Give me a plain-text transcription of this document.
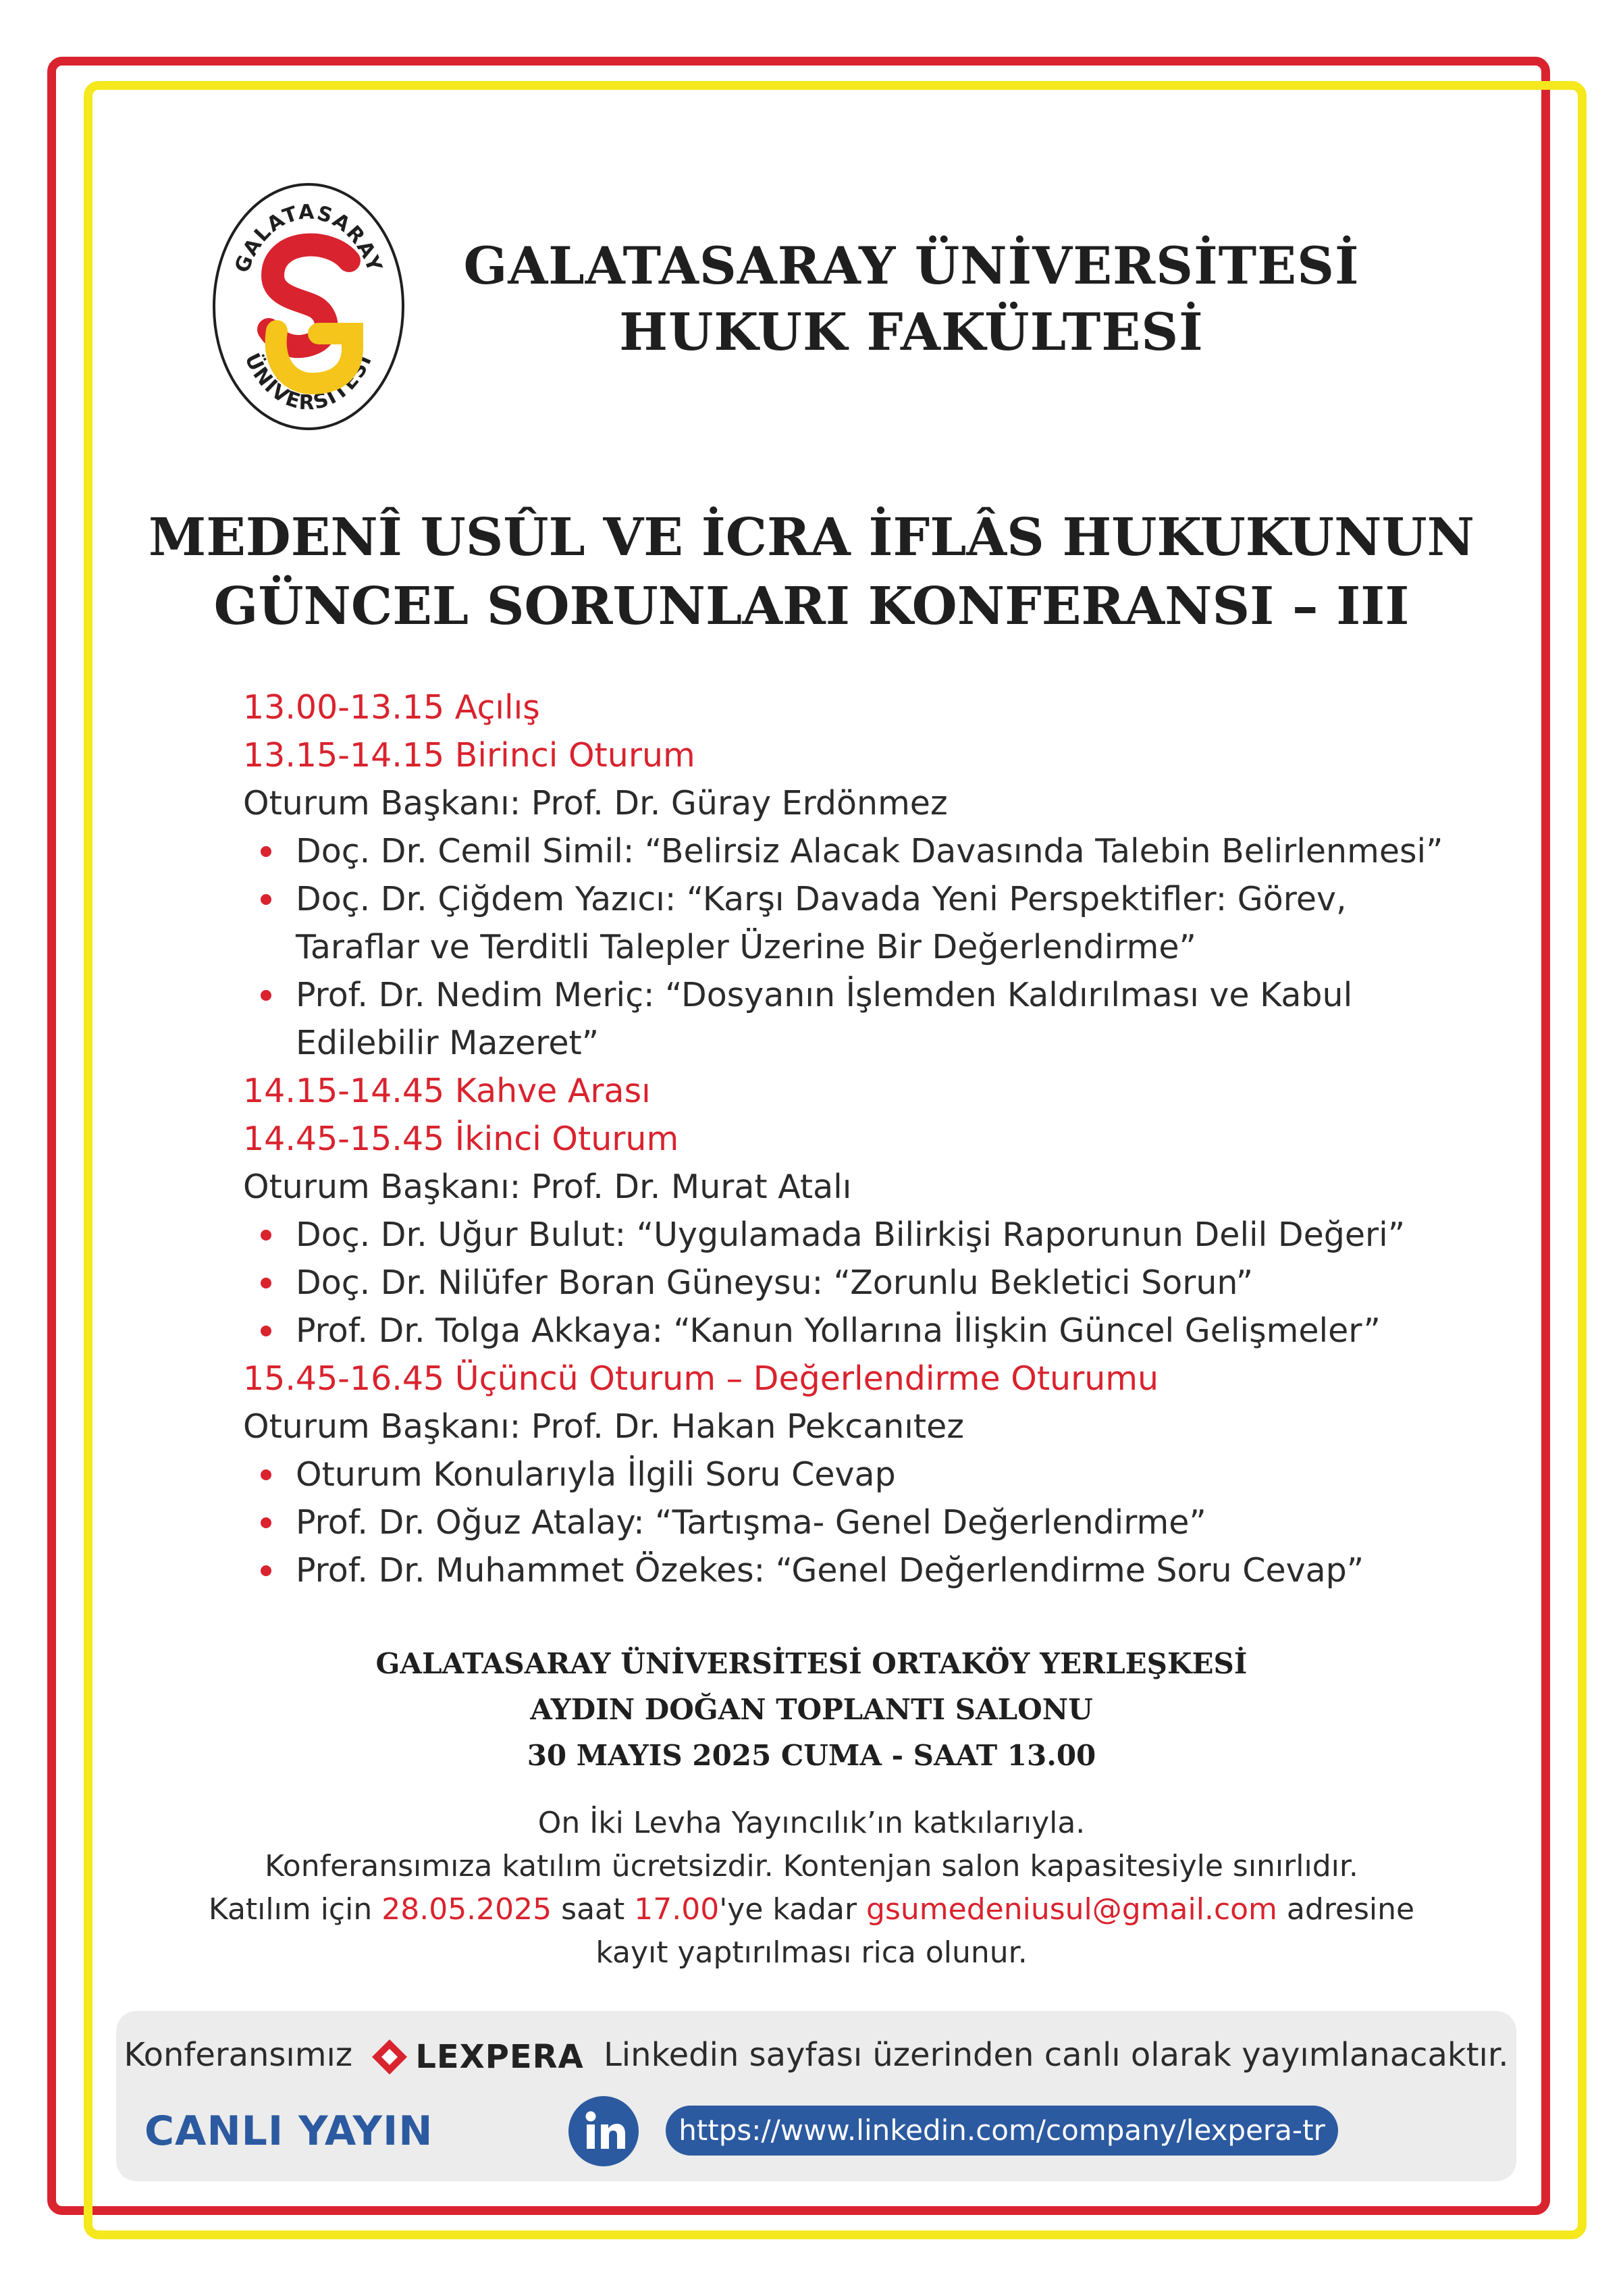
GALATASARAY
ÜNİVERSİTESİ
GALATASARAY ÜNİVERSİTESİ
HUKUK FAKÜLTESİ
MEDENÎ USÛL VE İCRA İFLÂS HUKUKUNUN
GÜNCEL SORUNLARI KONFERANSI – III
13.00-13.15 Açılış
13.15-14.15 Birinci Oturum
Oturum Başkanı: Prof. Dr. Güray Erdönmez
Doç. Dr. Cemil Simil: “Belirsiz Alacak Davasında Talebin Belirlenmesi”
Doç. Dr. Çiğdem Yazıcı: “Karşı Davada Yeni Perspektifler: Görev, Taraflar ve Terditli Talepler Üzerine Bir Değerlendirme”
Prof. Dr. Nedim Meriç: “Dosyanın İşlemden Kaldırılması ve Kabul Edilebilir Mazeret”
14.15-14.45 Kahve Arası
14.45-15.45 İkinci Oturum
Oturum Başkanı: Prof. Dr. Murat Atalı
Doç. Dr. Uğur Bulut: “Uygulamada Bilirkişi Raporunun Delil Değeri”
Doç. Dr. Nilüfer Boran Güneysu: “Zorunlu Bekletici Sorun”
Prof. Dr. Tolga Akkaya: “Kanun Yollarına İlişkin Güncel Gelişmeler”
15.45-16.45 Üçüncü Oturum – Değerlendirme Oturumu
Oturum Başkanı: Prof. Dr. Hakan Pekcanıtez
Oturum Konularıyla İlgili Soru Cevap
Prof. Dr. Oğuz Atalay: “Tartışma- Genel Değerlendirme”
Prof. Dr. Muhammet Özekes: “Genel Değerlendirme Soru Cevap”
GALATASARAY ÜNİVERSİTESİ ORTAKÖY YERLEŞKESİ
AYDIN DOĞAN TOPLANTI SALONU
30 MAYIS 2025 CUMA - SAAT 13.00
On İki Levha Yayıncılık’ın katkılarıyla.
Konferansımıza katılım ücretsizdir. Kontenjan salon kapasitesiyle sınırlıdır.
Katılım için 28.05.2025 saat 17.00'ye kadar gsumedeniusul@gmail.com adresine
kayıt yaptırılması rica olunur.
Konferansımız LEXPERA Linkedin sayfası üzerinden canlı olarak yayımlanacaktır.
CANLI YAYIN	https://www.linkedin.com/company/lexpera-tr
